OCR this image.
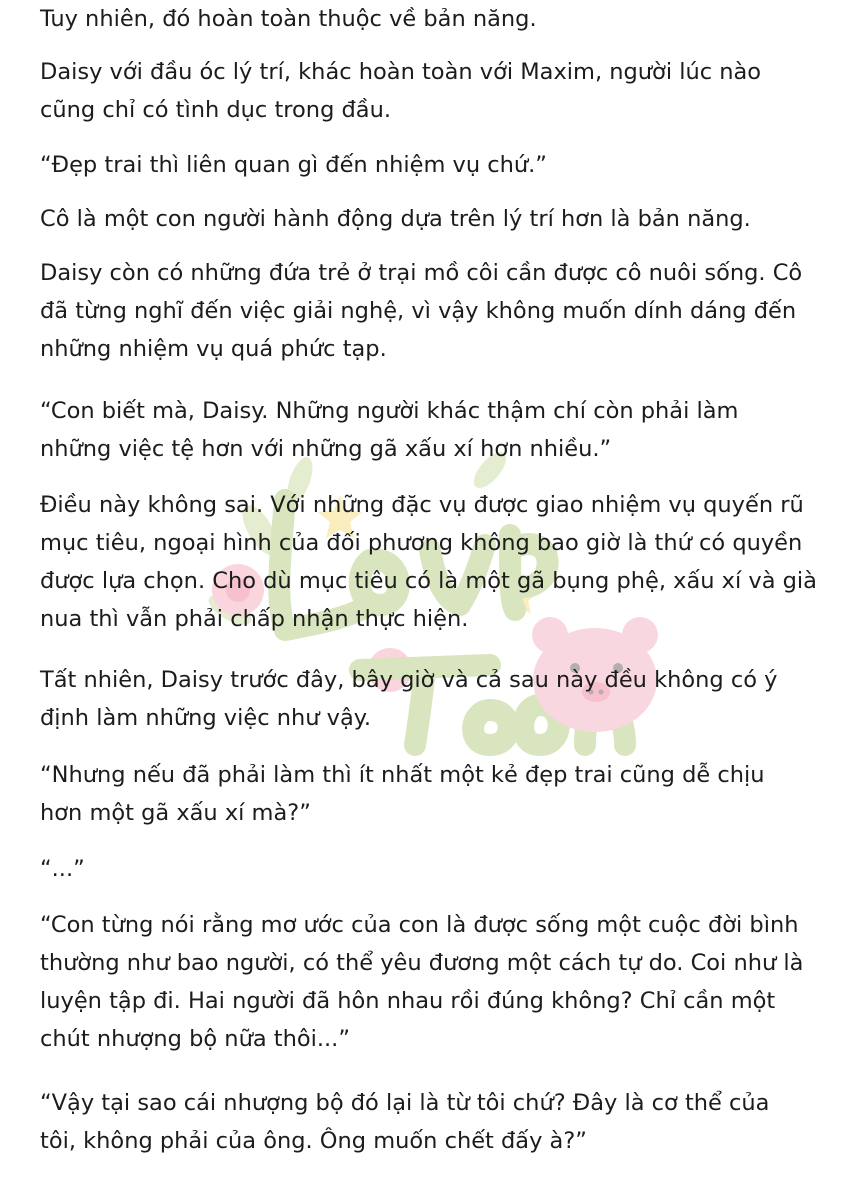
Tuy nhiên, đó hoàn toàn thuộc về bản năng.

Daisy với đầu óc lý trí, khác hoàn toàn với Maxim, người lúc nào cũng chỉ có tình dục trong đầu.

“Đẹp trai thì liên quan gì đến nhiệm vụ chứ.”

Cô là một con người hành động dựa trên lý trí hơn là bản năng.

Daisy còn có những đứa trẻ ở trại mồ côi cần được cô nuôi sống. Cô đã từng nghĩ đến việc giải nghệ, vì vậy không muốn dính dáng đến những nhiệm vụ quá phức tạp.

“Con biết mà, Daisy. Những người khác thậm chí còn phải làm những việc tệ hơn với những gã xấu xí hơn nhiều.”

Điều này không sai. Với những đặc vụ được giao nhiệm vụ quyến rũ mục tiêu, ngoại hình của đối phương không bao giờ là thứ có quyền được lựa chọn. Cho dù mục tiêu có là một gã bụng phệ, xấu xí và già nua thì vẫn phải chấp nhận thực hiện.

Tất nhiên, Daisy trước đây, bây giờ và cả sau này đều không có ý định làm những việc như vậy.

“Nhưng nếu đã phải làm thì ít nhất một kẻ đẹp trai cũng dễ chịu hơn một gã xấu xí mà?”

“...”

“Con từng nói rằng mơ ước của con là được sống một cuộc đời bình thường như bao người, có thể yêu đương một cách tự do. Coi như là luyện tập đi. Hai người đã hôn nhau rồi đúng không? Chỉ cần một chút nhượng bộ nữa thôi...”

“Vậy tại sao cái nhượng bộ đó lại là từ tôi chứ? Đây là cơ thể của tôi, không phải của ông. Ông muốn chết đấy à?”
